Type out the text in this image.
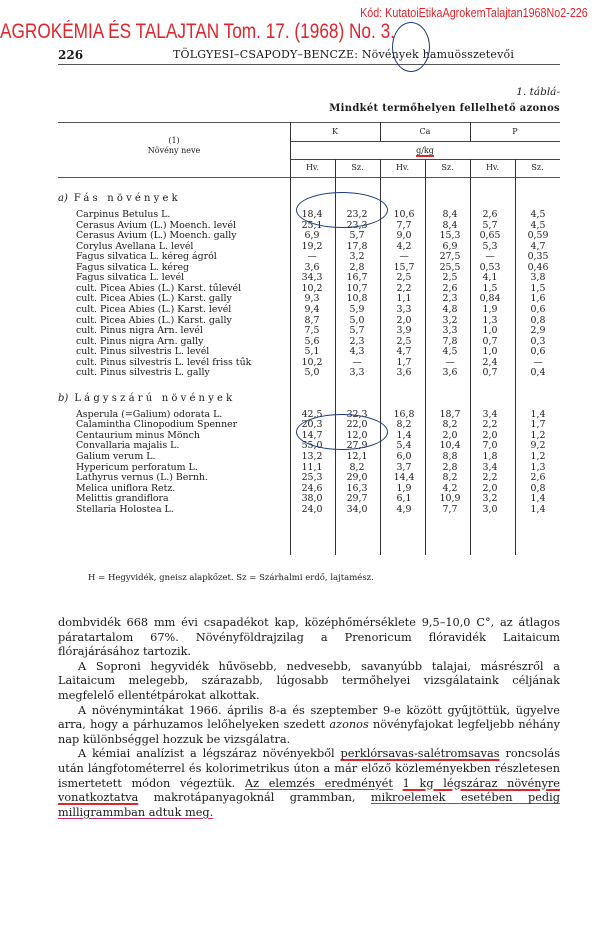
Kód: KutatoiEtikaAgrokemTalajtan1968No2-226
AGROKÉMIA ÉS TALAJTAN Tom. 17. (1968) No. 3.
226	TÖLGYESI–CSAPODY–BENCZE: Növények hamuösszetevői
1. táblá-
Mindkét termőhelyen fellelhető azonos
(1)
Növény neve
K	Ca	P
g/kg
Hv.	Sz.	Hv.	Sz.	Hv.	Sz.
a) Fás növények
Carpinus Betulus L.	18,4	23,2	10,6	8,4	2,6	4,5
Cerasus Avium (L.) Moench. levél	25,1	23,3	7,7	8,4	5,7	4,5
Cerasus Avium (L.) Moench. gally	6,9	5,7	9,0	15,3	0,65	0,59
Corylus Avellana L. levél	19,2	17,8	4,2	6,9	5,3	4,7
Fagus silvatica L. kéreg ágról	—	3,2	—	27,5	—	0,35
Fagus silvatica L. kéreg	3,6	2,8	15,7	25,5	0,53	0,46
Fagus silvatica L. levél	34,3	16,7	2,5	2,5	4,1	3,8
cult. Picea Abies (L.) Karst. tűlevél	10,2	10,7	2,2	2,6	1,5	1,5
cult. Picea Abies (L.) Karst. gally	9,3	10,8	1,1	2,3	0,84	1,6
cult. Picea Abies (L.) Karst. levél	9,4	5,9	3,3	4,8	1,9	0,6
cult. Picea Abies (L.) Karst. gally	8,7	5,0	2,0	3,2	1,3	0,8
cult. Pinus nigra Arn. levél	7,5	5,7	3,9	3,3	1,0	2,9
cult. Pinus nigra Arn. gally	5,6	2,3	2,5	7,8	0,7	0,3
cult. Pinus silvestris L. levél	5,1	4,3	4,7	4,5	1,0	0,6
cult. Pinus silvestris L. levél friss tűk	10,2	—	1,7	—	2,4	—
cult. Pinus silvestris L. gally	5,0	3,3	3,6	3,6	0,7	0,4
b) Lágyszárú növények
Asperula (=Galium) odorata L.	42,5	32,3	16,8	18,7	3,4	1,4
Calamintha Clinopodium Spenner	20,3	22,0	8,2	8,2	2,2	1,7
Centaurium minus Mönch	14,7	12,0	1,4	2,0	2,0	1,2
Convallaria majalis L.	55,0	27,9	5,4	10,4	7,0	9,2
Galium verum L.	13,2	12,1	6,0	8,8	1,8	1,2
Hypericum perforatum L.	11,1	8,2	3,7	2,8	3,4	1,3
Lathyrus vernus (L.) Bernh.	25,3	29,0	14,4	8,2	2,2	2,6
Melica uniflora Retz.	24,6	16,3	1,9	4,2	2,0	0,8
Melittis grandiflora	38,0	29,7	6,1	10,9	3,2	1,4
Stellaria Holostea L.	24,0	34,0	4,9	7,7	3,0	1,4
H = Hegyvidék, gneisz alapkőzet. Sz = Szárhalmi erdő, lajtamész.

dombvidék 668 mm évi csapadékot kap, középhőmérséklete 9,5–10,0 C°, az átlagos páratartalom 67%. Növényföldrajzilag a Prenoricum flóravidék Laitaicum flórajárásához tartozik.

A Soproni hegyvidék hűvösebb, nedvesebb, savanyúbb talajai, másrészről a Laitaicum melegebb, szárazabb, lúgosabb termőhelyei vizsgálataink céljának megfelelő ellentétpárokat alkottak.

A növénymintákat 1966. április 8-a és szeptember 9-e között gyűjtöttük, ügyelve arra, hogy a párhuzamos lelőhelyeken szedett azonos növényfajokat legfeljebb néhány nap különbséggel hozzuk be vizsgálatra.

A kémiai analízist a légszáraz növényekből perklórsavas-salétromsavas roncsolás után lángfotométerrel és kolorimetrikus úton a már előző közleményekben részletesen ismertetett módon végeztük. Az elemzés eredményét 1 kg légszáraz növényre vonatkoztatva makrotápanyagoknál grammban, mikroelemek esetében pedig milligrammban adtuk meg.
